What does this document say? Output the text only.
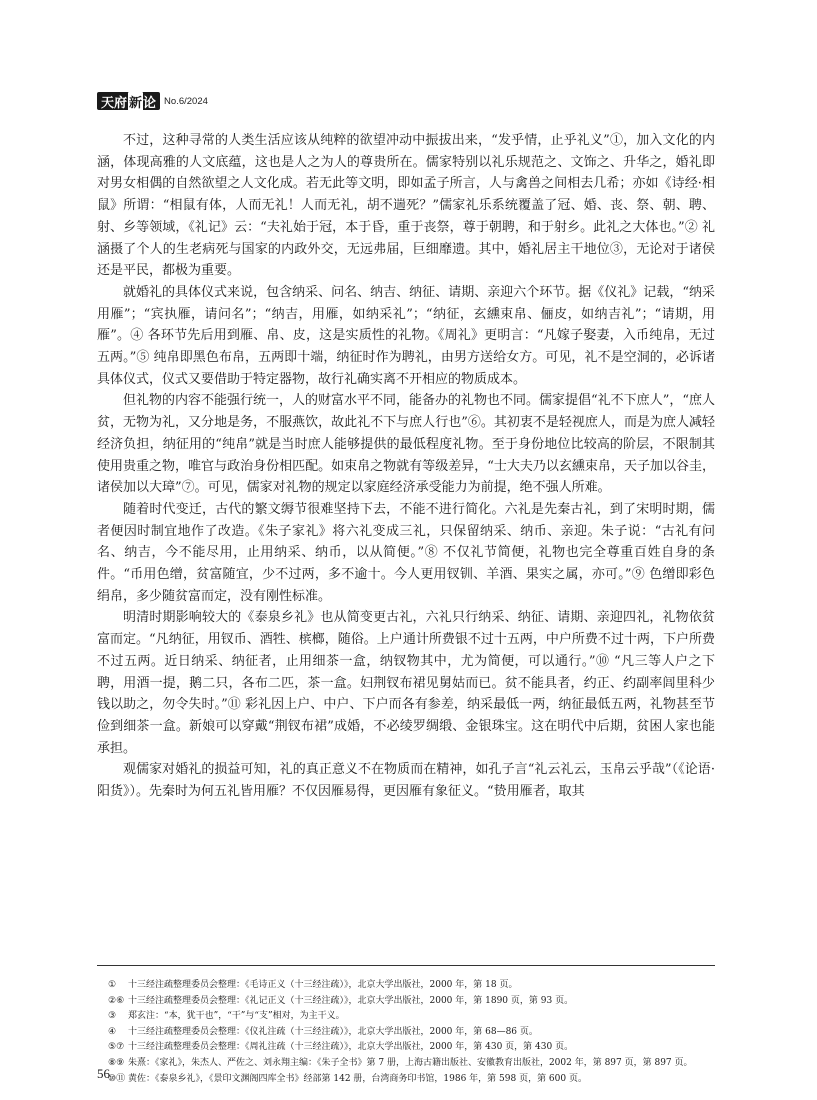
天府 新 论 No.6/2024

不过，这种寻常的人类生活应该从纯粹的欲望冲动中振拔出来，“发乎情，止乎礼义”①，加入文化的内涵，体现高雅的人文底蕴，这也是人之为人的尊贵所在。儒家特别以礼乐规范之、文饰之、升华之，婚礼即对男女相偶的自然欲望之人文化成。若无此等文明，即如孟子所言，人与禽兽之间相去几希；亦如《诗经·相鼠》所谓：“相鼠有体，人而无礼！人而无礼，胡不遄死？”儒家礼乐系统覆盖了冠、婚、丧、祭、朝、聘、射、乡等领域，《礼记》云：“夫礼始于冠，本于昏，重于丧祭，尊于朝聘，和于射乡。此礼之大体也。”② 礼涵摄了个人的生老病死与国家的内政外交，无远弗届，巨细靡遗。其中，婚礼居主干地位③，无论对于诸侯还是平民，都极为重要。

就婚礼的具体仪式来说，包含纳采、问名、纳吉、纳征、请期、亲迎六个环节。据《仪礼》记载，“纳采用雁”；“宾执雁，请问名”；“纳吉，用雁，如纳采礼”；“纳征，玄纁束帛、俪皮，如纳吉礼”；“请期，用雁”。④ 各环节先后用到雁、帛、皮，这是实质性的礼物。《周礼》更明言：“凡嫁子娶妻，入币纯帛，无过五两。”⑤ 纯帛即黑色布帛，五两即十端，纳征时作为聘礼，由男方送给女方。可见，礼不是空洞的，必诉诸具体仪式，仪式又要借助于特定器物，故行礼确实离不开相应的物质成本。

但礼物的内容不能强行统一，人的财富水平不同，能备办的礼物也不同。儒家提倡“礼不下庶人”，“庶人贫，无物为礼，又分地是务，不服燕饮，故此礼不下与庶人行也”⑥。其初衷不是轻视庶人，而是为庶人减轻经济负担，纳征用的“纯帛”就是当时庶人能够提供的最低程度礼物。至于身份地位比较高的阶层，不限制其使用贵重之物，唯官与政治身份相匹配。如束帛之物就有等级差异，“士大夫乃以玄纁束帛，天子加以谷圭，诸侯加以大璋”⑦。可见，儒家对礼物的规定以家庭经济承受能力为前提，绝不强人所难。

随着时代变迁，古代的繁文缛节很难坚持下去，不能不进行简化。六礼是先秦古礼，到了宋明时期，儒者便因时制宜地作了改造。《朱子家礼》将六礼变成三礼，只保留纳采、纳币、亲迎。朱子说：“古礼有问名、纳吉，今不能尽用，止用纳采、纳币，以从简便。”⑧ 不仅礼节简便，礼物也完全尊重百姓自身的条件。“币用色缯，贫富随宜，少不过两，多不逾十。今人更用钗钏、羊酒、果实之属，亦可。”⑨ 色缯即彩色绢帛，多少随贫富而定，没有刚性标准。

明清时期影响较大的《泰泉乡礼》也从简变更古礼，六礼只行纳采、纳征、请期、亲迎四礼，礼物依贫富而定。“凡纳征，用钗币、酒牲、槟榔，随俗。上户通计所费银不过十五两，中户所费不过十两，下户所费不过五两。近日纳采、纳征者，止用细茶一盒，纳钗物其中，尤为简便，可以通行。”⑩ “凡三等人户之下聘，用酒一提，鹅二只，各布二匹，茶一盒。妇荆钗布裙见舅姑而已。贫不能具者，约正、约副率闾里科少钱以助之，勿令失时。”⑪ 彩礼因上户、中户、下户而各有参差，纳采最低一两，纳征最低五两，礼物甚至节俭到细茶一盒。新娘可以穿戴“荆钗布裙”成婚，不必绫罗绸缎、金银珠宝。这在明代中后期，贫困人家也能承担。

观儒家对婚礼的损益可知，礼的真正意义不在物质而在精神，如孔子言“礼云礼云，玉帛云乎哉”（《论语·阳货》）。先秦时为何五礼皆用雁？不仅因雁易得，更因雁有象征义。“贽用雁者，取其

① 十三经注疏整理委员会整理：《毛诗正义（十三经注疏）》，北京大学出版社，2000 年，第 18 页。
②⑥ 十三经注疏整理委员会整理：《礼记正义（十三经注疏）》，北京大学出版社，2000 年，第 1890 页，第 93 页。
③ 郑玄注：“本，犹干也”，“干”与“支”相对，为主干义。
④ 十三经注疏整理委员会整理：《仪礼注疏（十三经注疏）》，北京大学出版社，2000 年，第 68—86 页。
⑤⑦ 十三经注疏整理委员会整理：《周礼注疏（十三经注疏）》，北京大学出版社，2000 年，第 430 页，第 430 页。
⑧⑨ 朱熹：《家礼》，朱杰人、严佐之、刘永翔主编：《朱子全书》第 7 册，上海古籍出版社、安徽教育出版社，2002 年，第 897 页，第 897 页。
⑩⑪ 黄佐：《泰泉乡礼》，《景印文渊阁四库全书》经部第 142 册，台湾商务印书馆，1986 年，第 598 页，第 600 页。
56
